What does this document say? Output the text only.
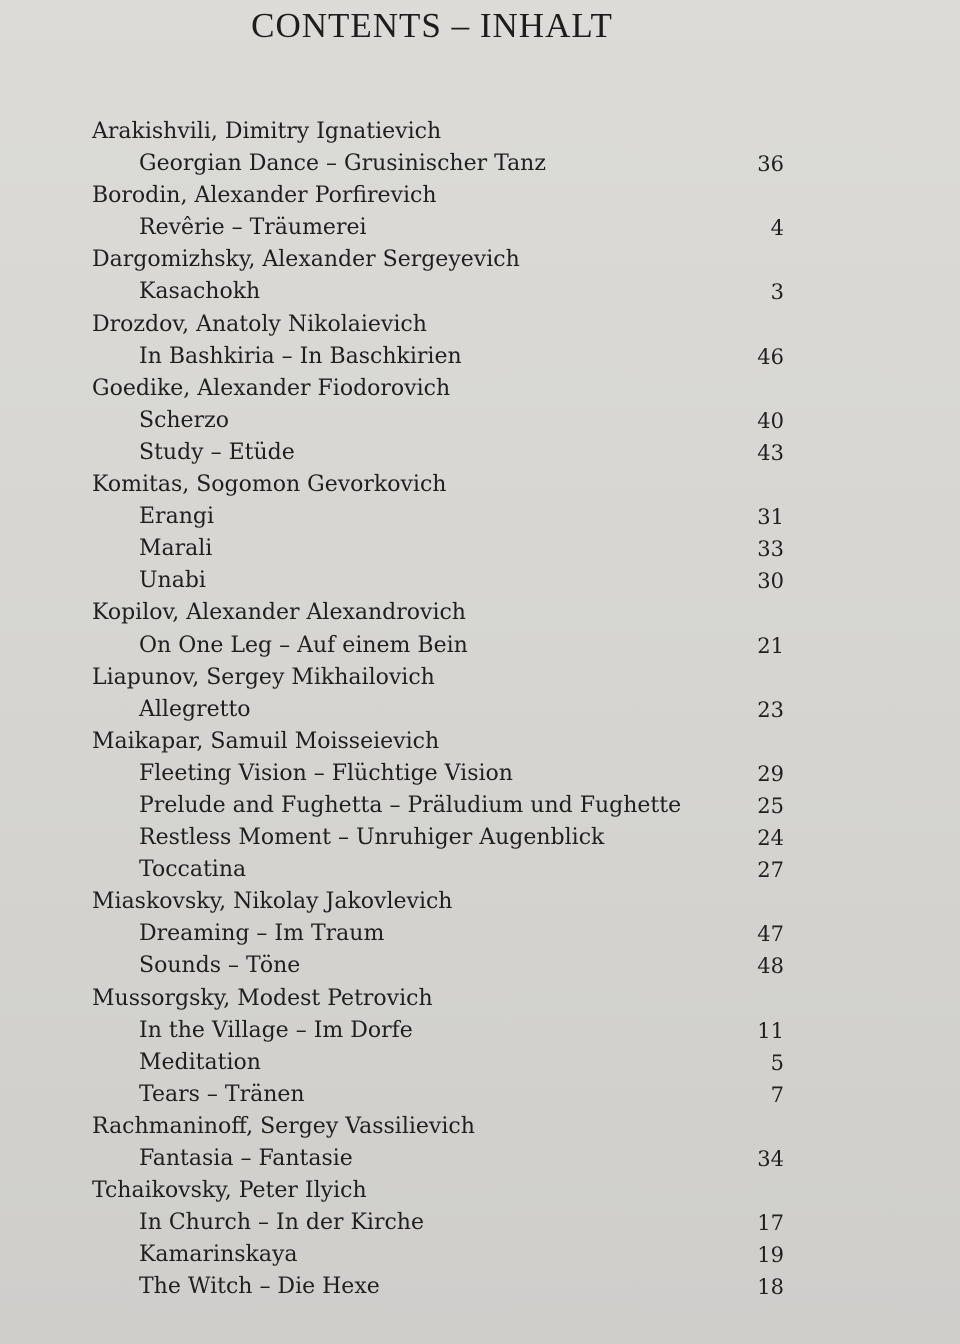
CONTENTS – INHALT
Arakishvili, Dimitry Ignatievich
Georgian Dance – Grusinischer Tanz	36
Borodin, Alexander Porfirevich
Revêrie – Träumerei	4
Dargomizhsky, Alexander Sergeyevich
Kasachokh	3
Drozdov, Anatoly Nikolaievich
In Bashkiria – In Baschkirien	46
Goedike, Alexander Fiodorovich
Scherzo	40
Study – Etüde	43
Komitas, Sogomon Gevorkovich
Erangi	31
Marali	33
Unabi	30
Kopilov, Alexander Alexandrovich
On One Leg – Auf einem Bein	21
Liapunov, Sergey Mikhailovich
Allegretto	23
Maikapar, Samuil Moisseievich
Fleeting Vision – Flüchtige Vision	29
Prelude and Fughetta – Präludium und Fughette	25
Restless Moment – Unruhiger Augenblick	24
Toccatina	27
Miaskovsky, Nikolay Jakovlevich
Dreaming – Im Traum	47
Sounds – Töne	48
Mussorgsky, Modest Petrovich
In the Village – Im Dorfe	11
Meditation	5
Tears – Tränen	7
Rachmaninoff, Sergey Vassilievich
Fantasia – Fantasie	34
Tchaikovsky, Peter Ilyich
In Church – In der Kirche	17
Kamarinskaya	19
The Witch – Die Hexe	18
